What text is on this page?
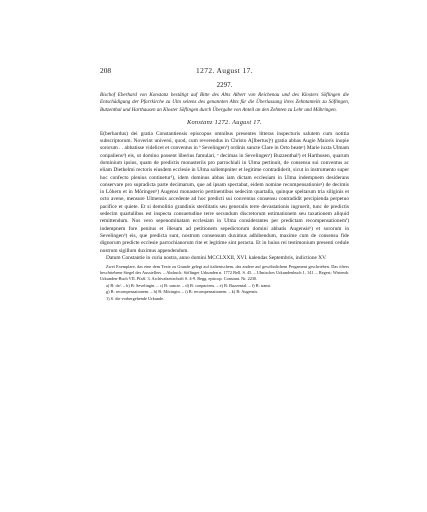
208	1272. August 17.
2297.
Bischof Eberhard von Konstanz bestätigt auf Bitte des Abts Albert von Reichenau und des Klosters Söflingen die Entschädigung der Pfarrkirche zu Ulm seitens des genannten Abts für die Überlassung ihres Zehntanteils zu Söflingen, Butzenthal und Harthausen an Kloster Söflingen durch Übergabe von Anteil an den Zehnten zu Lehr und Mähringen.
Konstanz 1272. August 17.

E(berhardus) dei gratia Constantiensis episcopus omnibus presentes litteras inspecturis salutem cum notitia subscriptorum. Noverint universi, quod, cum reverendus in Christo A[lbertus]ᵃ) gratia abbas Augie Maioris inopie sororum . . abbatisse videlicet et conventus in ᵇ Sevelingenᵇ) ordinis sancte Clare in Orto beateᶜ) Marie iuxta Ulmam conpaliensᵈ) eis, ut domino possent liberius famulari, ᵉ decimas in Sevelingenᵉ) Buzzenthalᶠ) et Harthusen, quarum dominium ipsius, quam de predictis monasteriis pro parrochiali in Ulma pertinuit, de consensu sui conventus ac eliam Diethelmi rectoris eiusdem ecclesie in Ulma sollempniter et legitime contradiderit, sicut in instrumento super hoc confecto plenius continetur¹), idem dominus abbas iam dictam ecclesiam in Ulma indempnem desiderans conservare pro supradicta parte decimarum, que ad ipsam spectabat, eidem nomine recompensationisᵍ) de decimis in Lôhern et in Môringenʰ) Augensi monasterio pertinentibus sedecim quartalla, quinque speltarum tria siliginis et octo avene, mensure Ulmensis accedente ad hoc predicti sui conventus consensu contradidit percipienda perpetuo pacifice et quiete. Et si demolitio grandinis sterilitatis seu generalis terre devastationis ingruerit, tunc de predictis sedecim quartalibus est inspecta consuetudine terre secundum discretorum estimationem seu taxationem aliquid remittendum. Nos vero sepenominatam ecclesiam in Ulma considerantes per predictam recompensationemⁱ) indempnem fore penitus et illesam ad petitionem sepedictorum domini abbatis Augensisᵏ) et sororum in Sevelingenᵇ) eis, que predicta sunt, nostrum consensum duximus adhibendum, maxime cum de consensu fide dignorum predicte ecclesie parrochianorum rite et legitime sint peracta. Et in huius rei testimonium presenti cedule nostrum sigillum duximus appendendum.

Datum Constantie in curia nostra, anno domini MCCLXXII, XVI. kalendas Septembris, indictione XV.

Zwei Exemplare, das eine dem Texte zu Grunde gelegt auf italienischem, das andere auf gewöhnlichem Pergament geschrieben. Das öfters beschriebene Siegel des Ausstellers. – Abdruck: Söflinger Urkunden n. 1772 Bell. S. 45. – Ulmisches Urkundenbuch 1, 141. – Regest: Wirtemb. Urkunden-Buch VII. Pfaff. 3. Archivalzeitschrift S. 4-9. Regg. episcop. Constant. Nr. 2230.

a) B: de/. – b) B: Sevelingin. – c) B: sancte. – d) B: conpaciens. – e) B: Buzzental. – f) B: transi.

g) B: recompensationem. – h) B: Möringin. – i) B: recompensationem. – k) B: Augensis.

1) S. die vorhergehende Urkunde.
